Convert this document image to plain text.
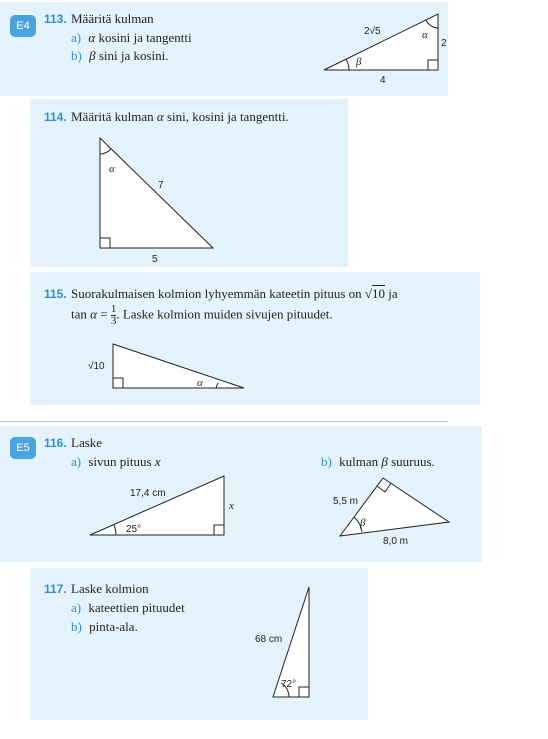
E4	113. Määritä kulman
a) α kosini ja tangentti
b) β sini ja kosini.
2√5
2
4
α
β
114. Määritä kulman α sini, kosini ja tangentti.
α
7
5
115. Suorakulmaisen kolmion lyhyemmän kateetin pituus on √10 ja
$\tan \alpha = \frac{1}{3}$ . Laske kolmion muiden sivujen pituudet.
√10
α
E5	116. Laske
a) sivun pituus x	b) kulman β suuruus.
17,4 cm
x
25°
5,5 m
β
8,0 m
117. Laske kolmion
a) kateettien pituudet
b) pinta-ala.
68 cm
72°
